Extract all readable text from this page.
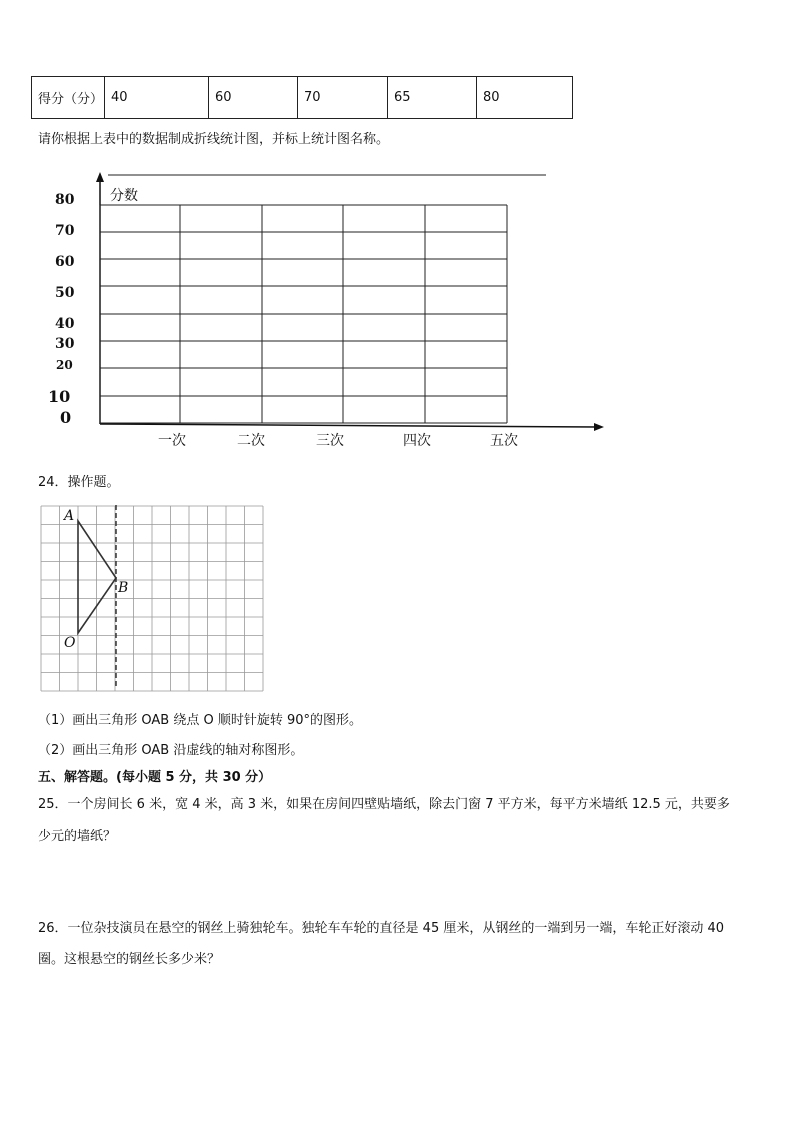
得分（分）	40	60	70	65	80
请你根据上表中的数据制成折线统计图，并标上统计图名称。
分数
80
70
60
50
40
30
20
10
0
一次	二次	三次	四次	五次
24．操作题。
A
B
O
（1）画出三角形 OAB 绕点 O 顺时针旋转 90°的图形。
（2）画出三角形 OAB 沿虚线的轴对称图形。
五、解答题。(每小题 5 分，共 30 分）
25．一个房间长 6 米，宽 4 米，高 3 米，如果在房间四壁贴墙纸，除去门窗 7 平方米，每平方米墙纸 12.5 元，共要多
少元的墙纸？
26．一位杂技演员在悬空的钢丝上骑独轮车。独轮车车轮的直径是 45 厘米，从钢丝的一端到另一端，车轮正好滚动 40
圈。这根悬空的钢丝长多少米？
